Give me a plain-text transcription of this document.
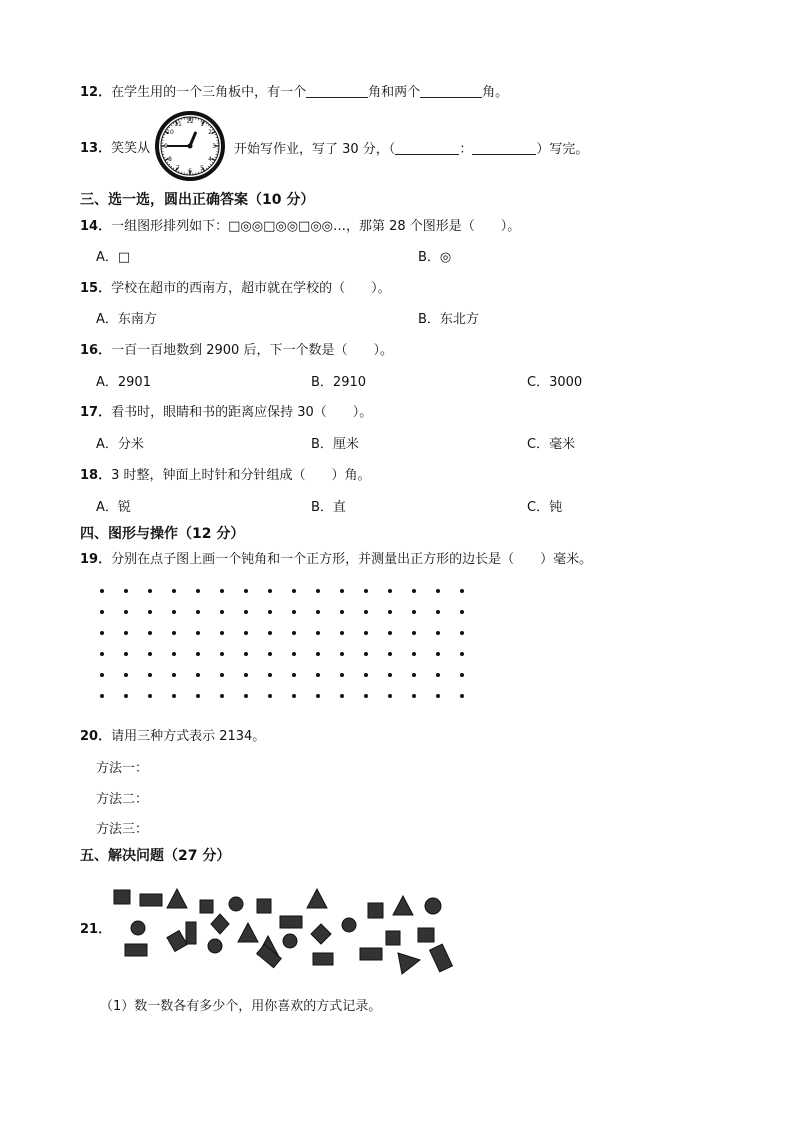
12．在学生用的一个三角板中，有一个	角和两个	角。
13．笑笑从
12 1
2
3
4
5
6
7
8
9
10
11
开始写作业，写了 30 分，（	：	）写完。
三、选一选，圆出正确答案（10 分）
14．一组图形排列如下：□◎◎□◎◎□◎◎…，那第 28 个图形是（　　）。
A．□	B．◎
15．学校在超市的西南方，超市就在学校的（　　）。
A．东南方	B．东北方
16．一百一百地数到 2900 后，下一个数是（　　）。
A．2901	B．2910	C．3000
17．看书时，眼睛和书的距离应保持 30（　　）。
A．分米	B．厘米	C．毫米
18．3 时整，钟面上时针和分针组成（　　）角。
A．锐	B．直	C．钝
四、图形与操作（12 分）
19．分别在点子图上画一个钝角和一个正方形，并测量出正方形的边长是（　　）毫米。
20．请用三种方式表示 2134。
方法一：
方法二：
方法三：
五、解决问题（27 分）
21．
（1）数一数各有多少个，用你喜欢的方式记录。
